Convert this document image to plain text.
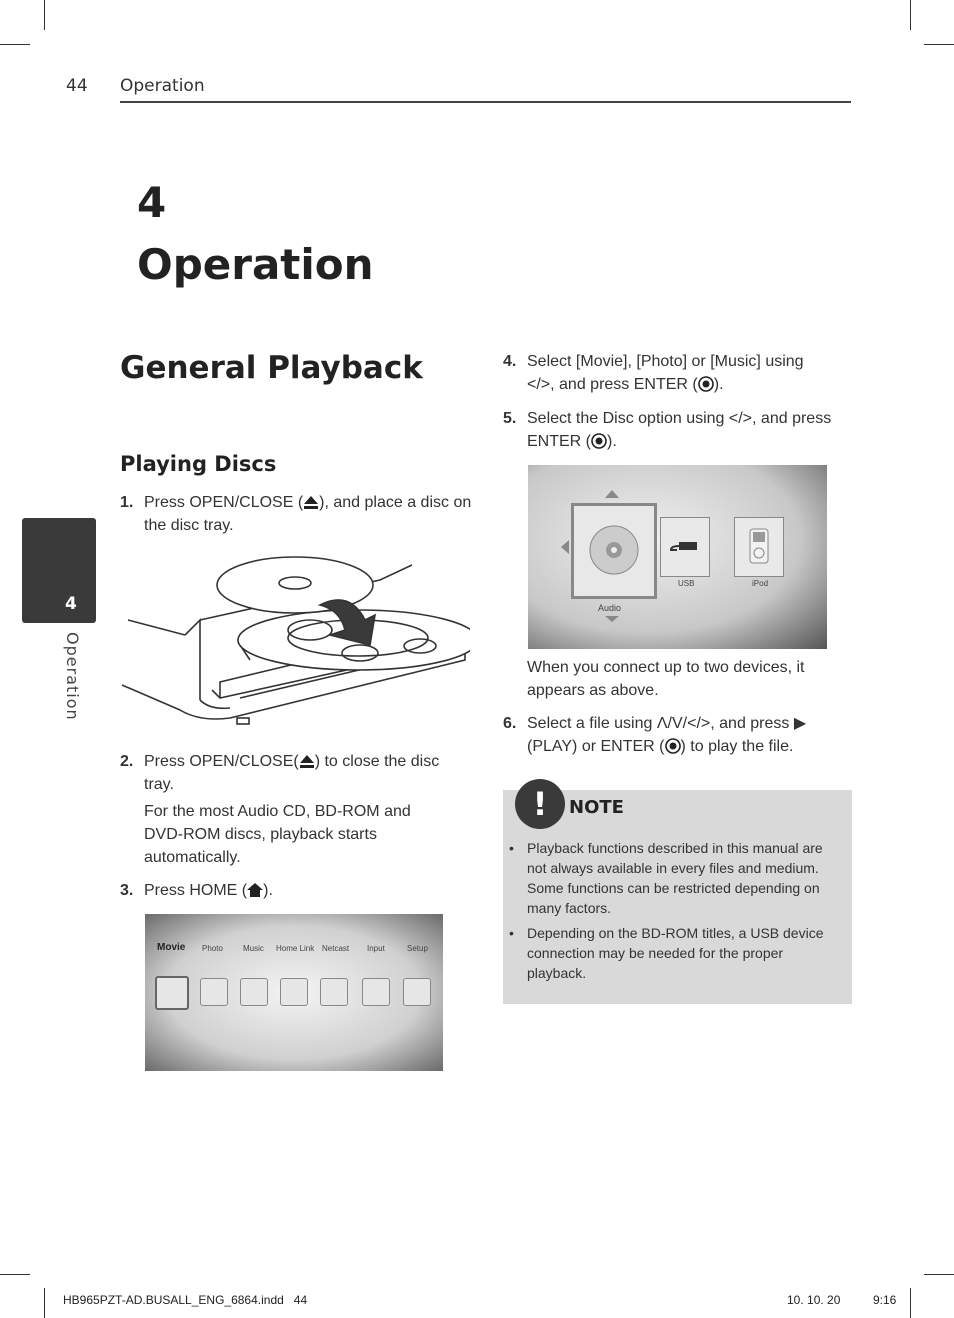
44 Operation
4
Operation
4
Operation
General Playback
Playing Discs
1. Press OPEN/CLOSE ( ), and place a disc on
the disc tray.
2. Press OPEN/CLOSE( ) to close the disc
tray.
For the most Audio CD, BD-ROM and
DVD-ROM discs, playback starts
automatically.
3. Press HOME ( ).
Movie Photo	Music Home Link Netcast Input	Setup
4. Select [Movie], [Photo] or [Music] using
</>, and press ENTER ( ).
5. Select the Disc option using </>, and press
ENTER ( ).
Audio
USB	iPod
When you connect up to two devices, it
appears as above.
6. Select a file using Λ/V/</>, and press ▶
(PLAY) or ENTER ( ) to play the file.
!	NOTE
• Playback functions described in this manual are
not always available in every files and medium.
Some functions can be restricted depending on
many factors.
• Depending on the BD-ROM titles, a USB device
connection may be needed for the proper
playback.
HB965PZT-AD.BUSALL_ENG_6864.indd   44	10. 10. 20	9:16
